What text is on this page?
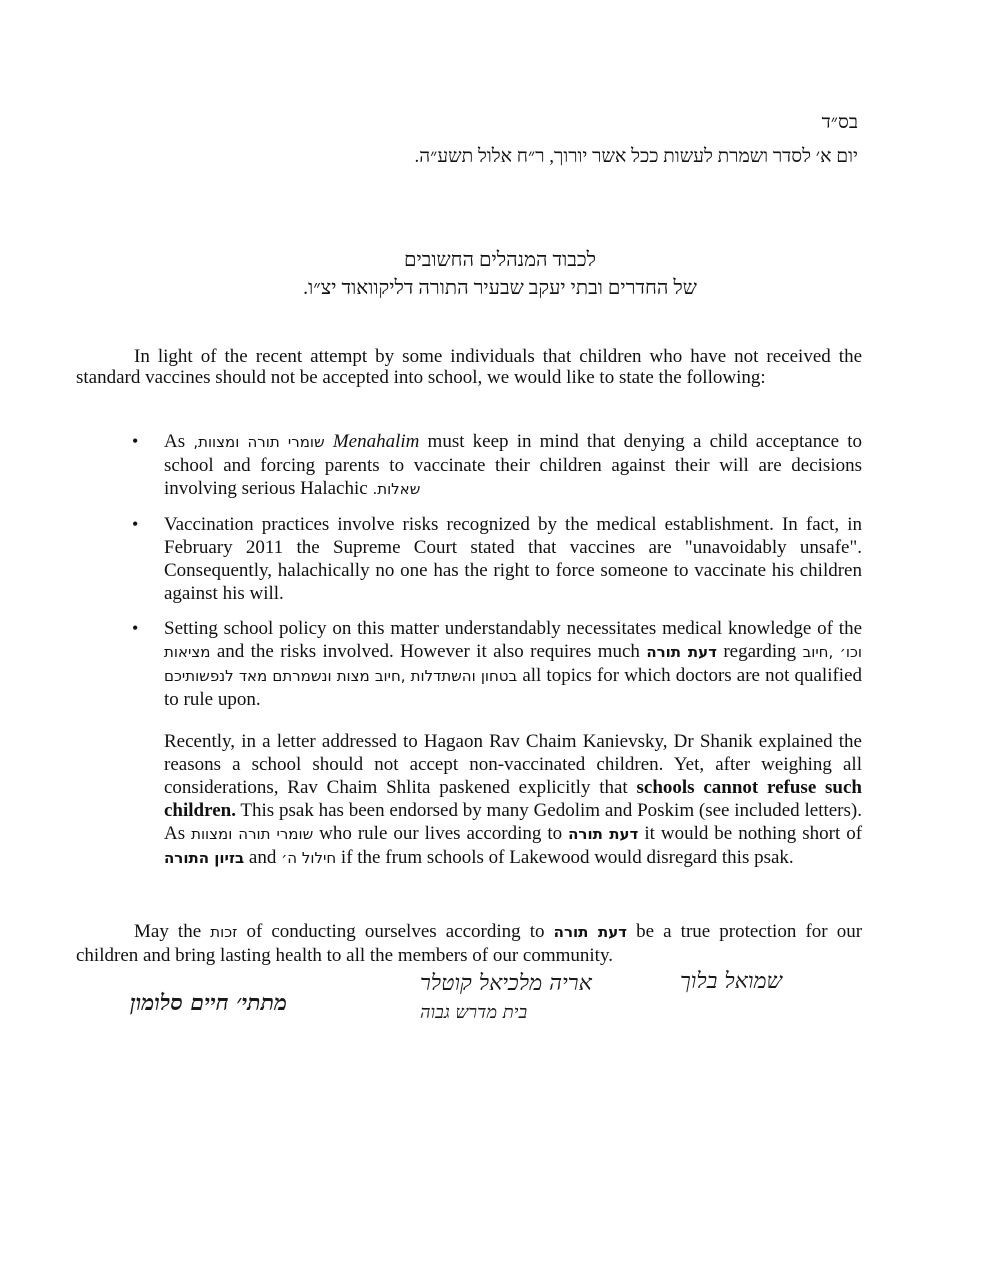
בס״ד
יום א׳ לסדר ושמרת לעשות ככל אשר יורוך, ר״ח אלול תשע״ה.
לכבוד המנהלים החשובים
של החדרים ובתי יעקב שבעיר התורה דליקוואוד יצ״ו.

In light of the recent attempt by some individuals that children who have not received the standard vaccines should not be accepted into school, we would like to state the following:

• As שומרי תורה ומצוות, Menahalim must keep in mind that denying a child acceptance to school and forcing parents to vaccinate their children against their will are decisions involving serious Halachic שאלות.
• Vaccination practices involve risks recognized by the medical establishment. In fact, in February 2011 the Supreme Court stated that vaccines are "unavoidably unsafe". Consequently, halachically no one has the right to force someone to vaccinate his children against his will.
• Setting school policy on this matter understandably necessitates medical knowledge of the מציאות and the risks involved. However it also requires much דעת תורה regarding וכו׳ ,חיוב בטחון והשתדלות ,חיוב מצות ונשמרתם מאד לנפשותיכם all topics for which doctors are not qualified to rule upon.

Recently, in a letter addressed to Hagaon Rav Chaim Kanievsky, Dr Shanik explained the reasons a school should not accept non-vaccinated children. Yet, after weighing all considerations, Rav Chaim Shlita paskened explicitly that schools cannot refuse such children. This psak has been endorsed by many Gedolim and Poskim (see included letters). As שומרי תורה ומצוות who rule our lives according to דעת תורה it would be nothing short of בזיון התורה and חילול ה׳ if the frum schools of Lakewood would disregard this psak.

May the זכות of conducting ourselves according to דעת תורה be a true protection for our children and bring lasting health to all the members of our community.

מתתי׳ חיים סלומון
אריה מלכיאל קוטלר
בית מדרש גבוה
שמואל בלוך
